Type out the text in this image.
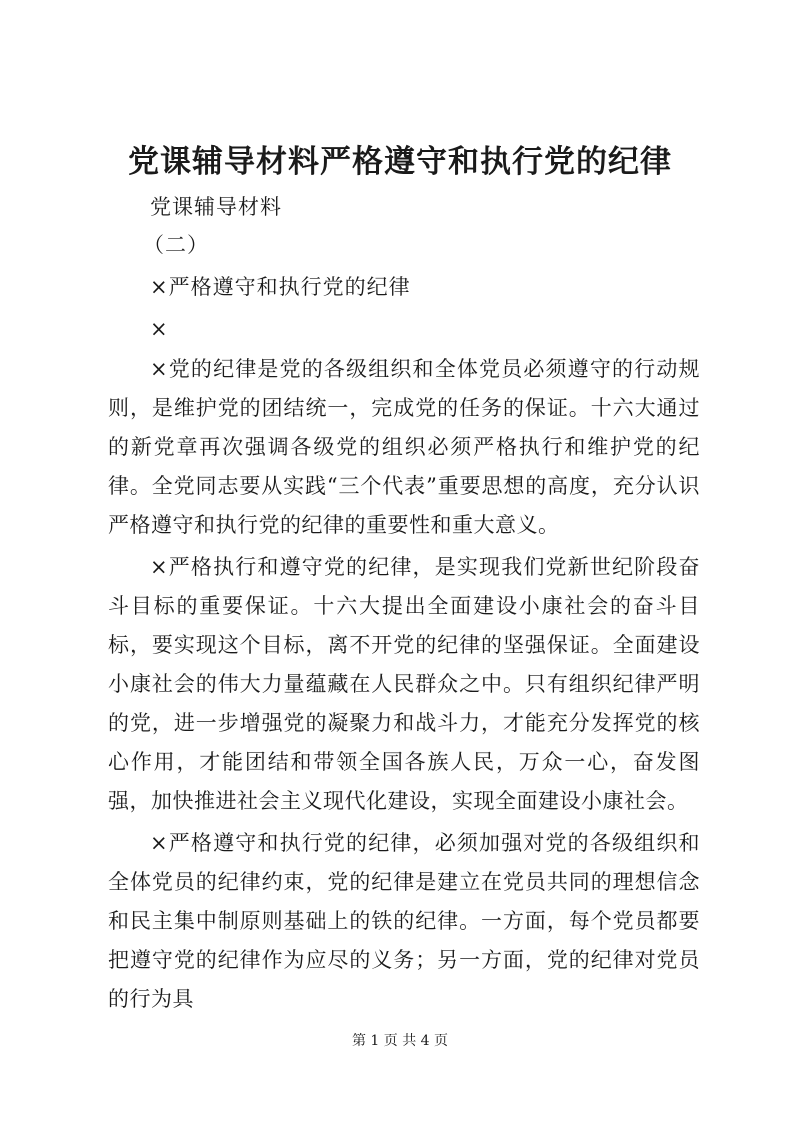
党课辅导材料严格遵守和执行党的纪律
党课辅导材料
（二）
×严格遵守和执行党的纪律
×

×党的纪律是党的各级组织和全体党员必须遵守的行动规则，是维护党的团结统一，完成党的任务的保证。十六大通过的新党章再次强调各级党的组织必须严格执行和维护党的纪律。全党同志要从实践“三个代表”重要思想的高度，充分认识严格遵守和执行党的纪律的重要性和重大意义。

×严格执行和遵守党的纪律，是实现我们党新世纪阶段奋斗目标的重要保证。十六大提出全面建设小康社会的奋斗目标，要实现这个目标，离不开党的纪律的坚强保证。全面建设小康社会的伟大力量蕴藏在人民群众之中。只有组织纪律严明的党，进一步增强党的凝聚力和战斗力，才能充分发挥党的核心作用，才能团结和带领全国各族人民，万众一心，奋发图强，加快推进社会主义现代化建设，实现全面建设小康社会。

×严格遵守和执行党的纪律，必须加强对党的各级组织和全体党员的纪律约束，党的纪律是建立在党员共同的理想信念和民主集中制原则基础上的铁的纪律。一方面，每个党员都要把遵守党的纪律作为应尽的义务；另一方面，党的纪律对党员的行为具

第 1 页 共 4 页
